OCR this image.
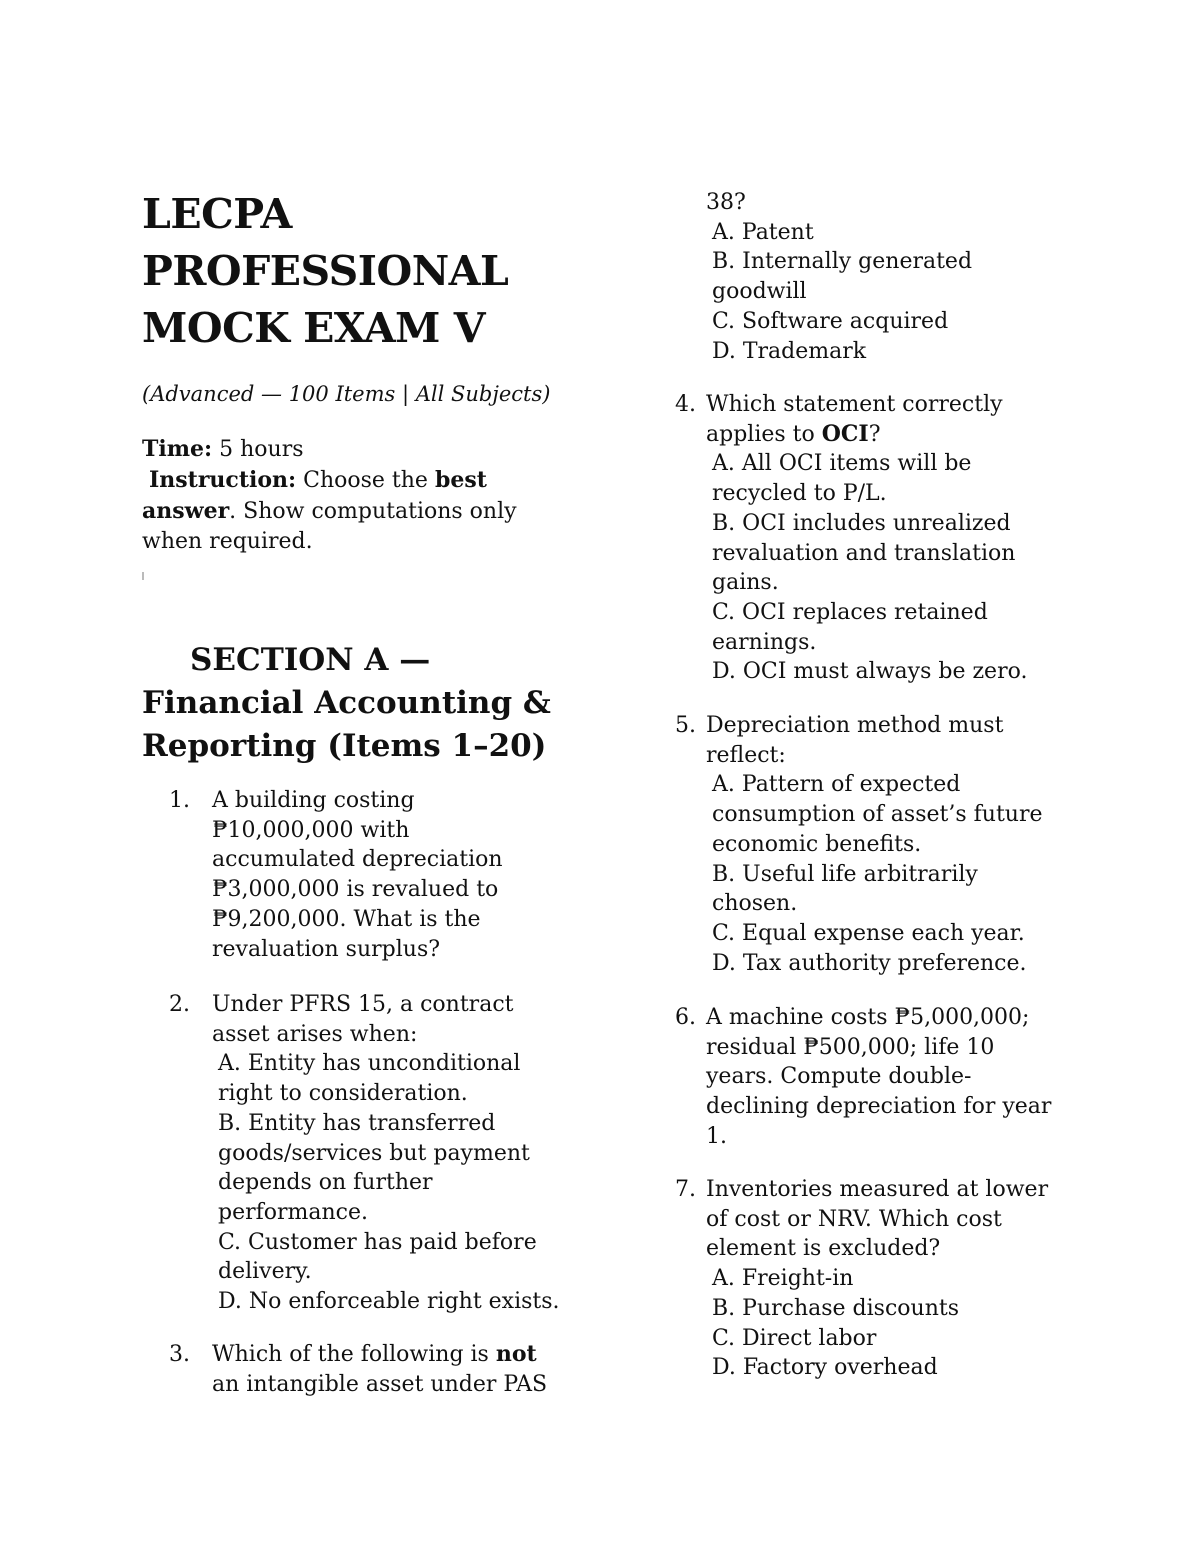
LECPA
PROFESSIONAL
MOCK EXAM V
(Advanced — 100 Items | All Subjects)
Time: 5 hours
Instruction: Choose the best answer. Show computations only when required.
SECTION A —
Financial Accounting & Reporting (Items 1–20)
1. A building costing ₱10,000,000 with accumulated depreciation ₱3,000,000 is revalued to ₱9,200,000. What is the revaluation surplus?
2. Under PFRS 15, a contract asset arises when:
A. Entity has unconditional right to consideration.
B. Entity has transferred goods/services but payment depends on further performance.
C. Customer has paid before delivery.
D. No enforceable right exists.
3. Which of the following is not an intangible asset under PAS
38?
A. Patent
B. Internally generated goodwill
C. Software acquired
D. Trademark
4. Which statement correctly applies to OCI?
A. All OCI items will be recycled to P/L.
B. OCI includes unrealized revaluation and translation gains.
C. OCI replaces retained earnings.
D. OCI must always be zero.
5. Depreciation method must reflect:
A. Pattern of expected consumption of asset’s future economic benefits.
B. Useful life arbitrarily chosen.
C. Equal expense each year.
D. Tax authority preference.
6. A machine costs ₱5,000,000; residual ₱500,000; life 10 years. Compute double-declining depreciation for year 1.
7. Inventories measured at lower of cost or NRV. Which cost element is excluded?
A. Freight-in
B. Purchase discounts
C. Direct labor
D. Factory overhead
